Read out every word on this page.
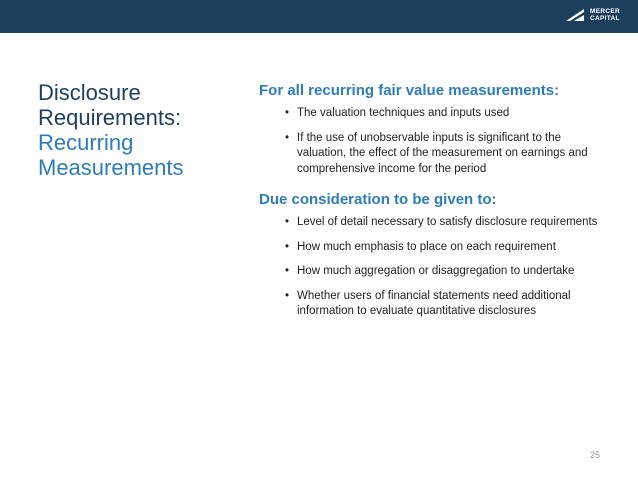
MERCER
CAPITAL
Disclosure
Requirements:
Recurring
Measurements

For all recurring fair value measurements:

• The valuation techniques and inputs used
• If the use of unobservable inputs is significant to the valuation, the effect of the measurement on earnings and comprehensive income for the period

Due consideration to be given to:

• Level of detail necessary to satisfy disclosure requirements
• How much emphasis to place on each requirement
• How much aggregation or disaggregation to undertake
• Whether users of financial statements need additional information to evaluate quantitative disclosures
25
